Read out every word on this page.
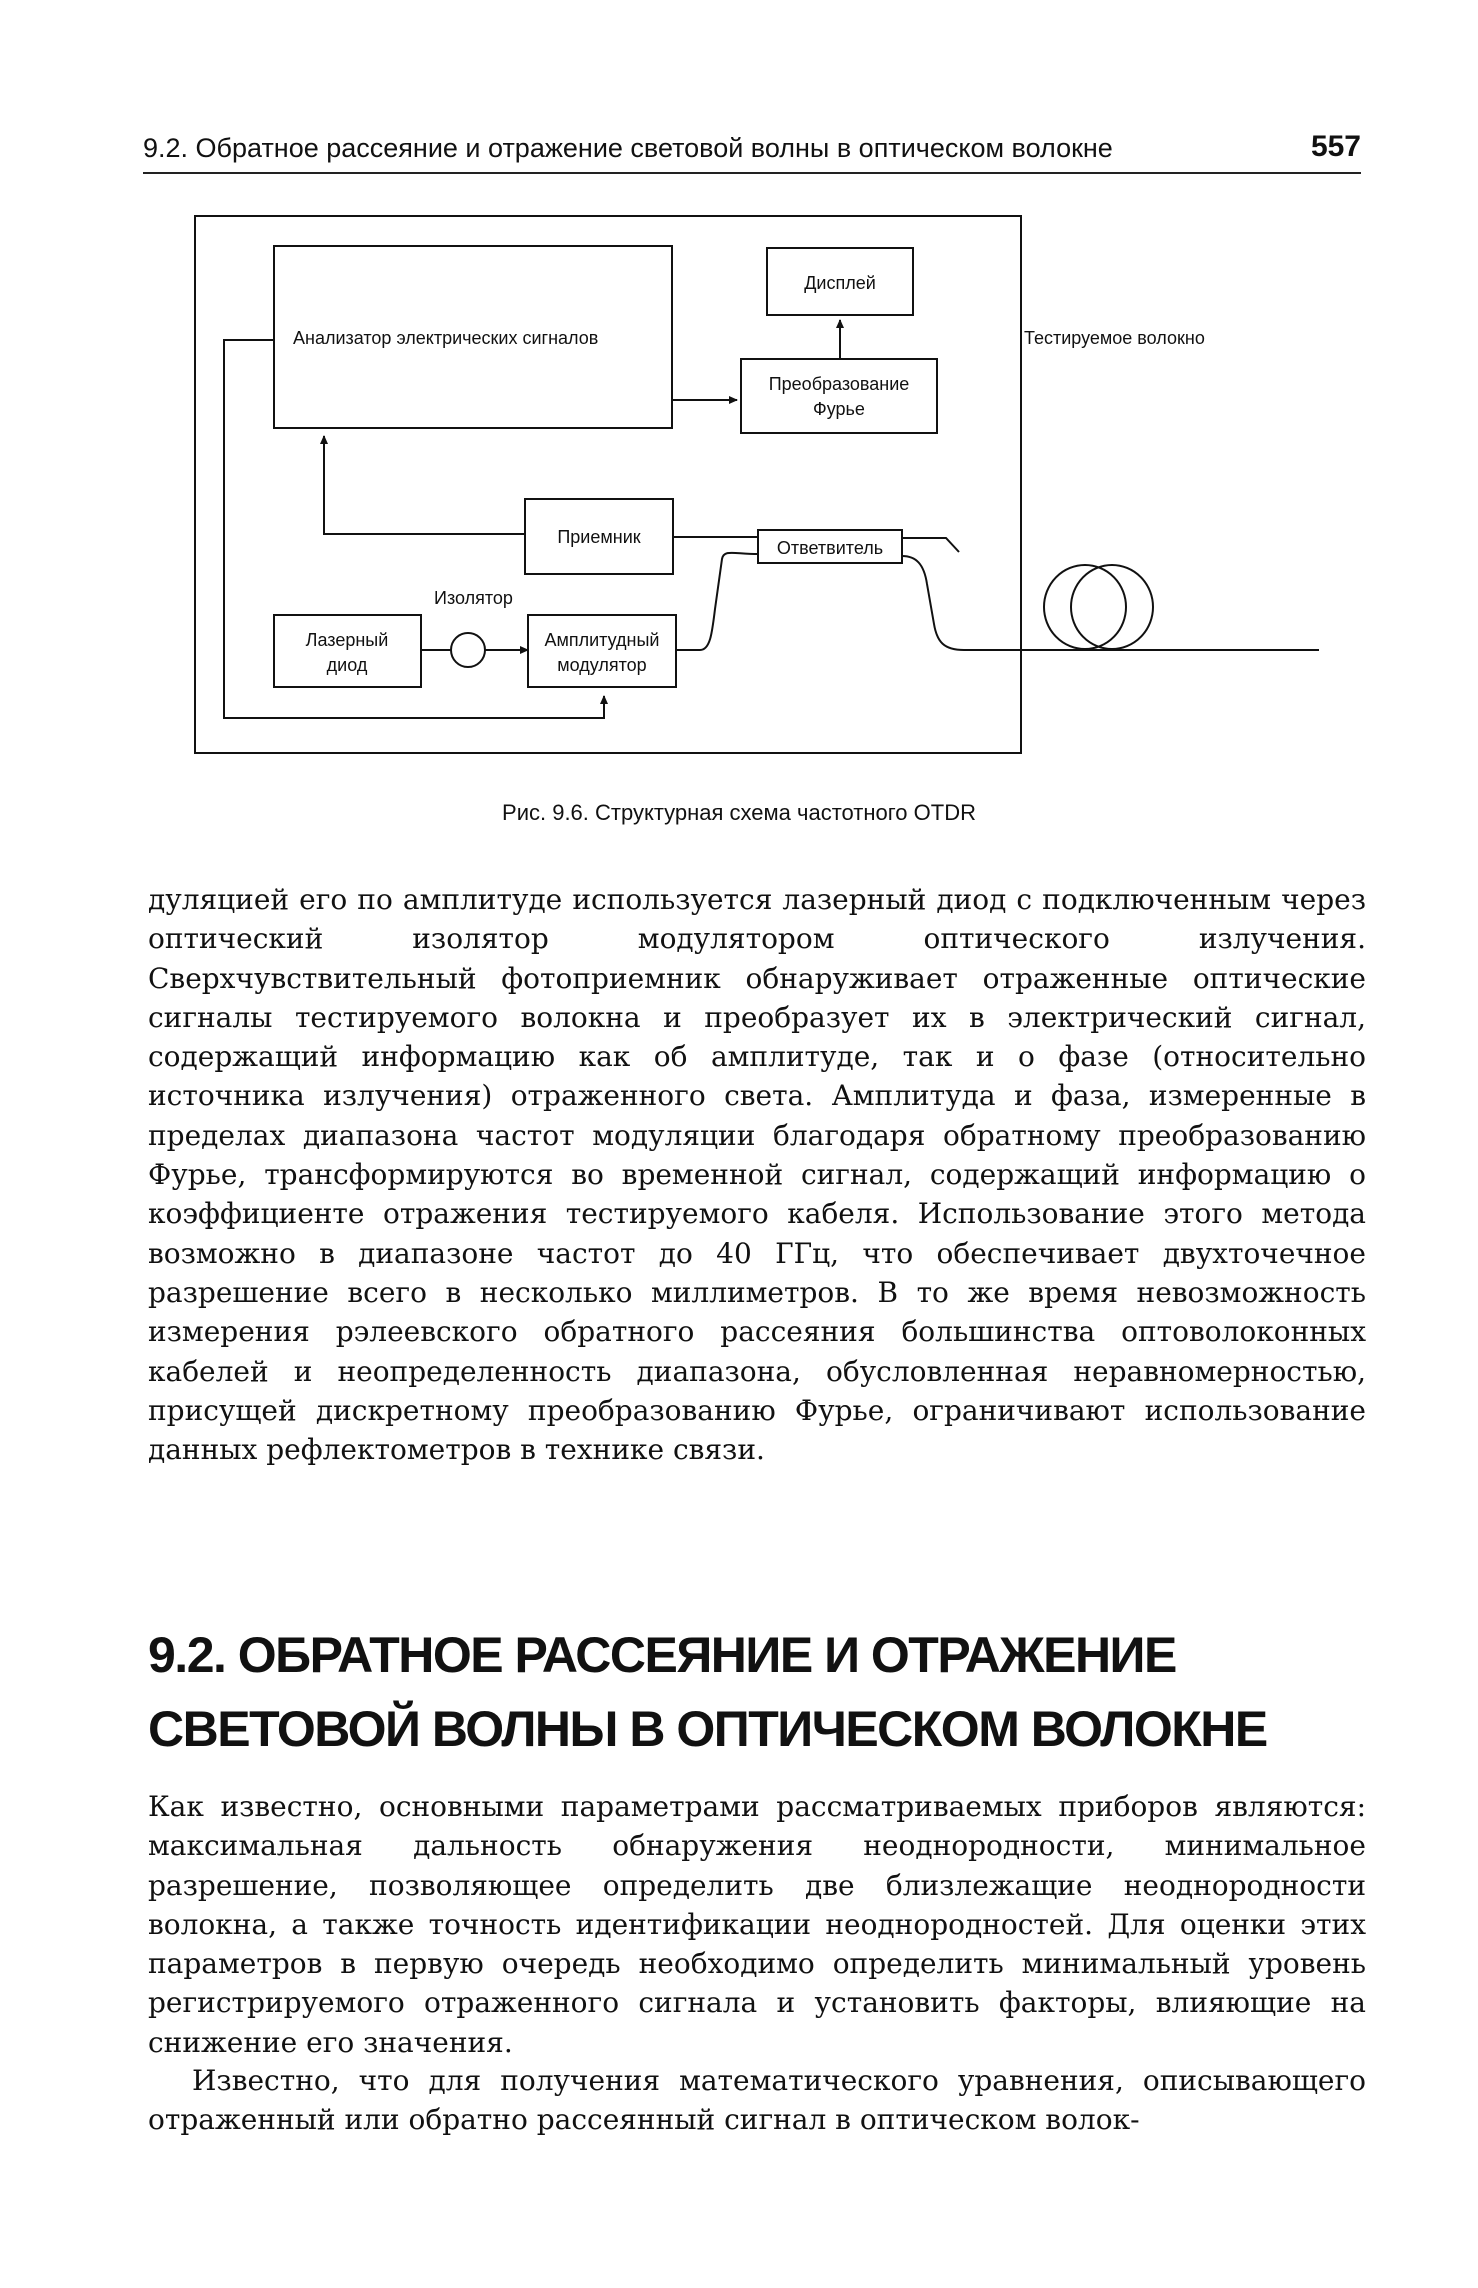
9.2. Обратное рассеяние и отражение световой волны в оптическом волокне	557
Анализатор электрических сигналов
Дисплей
Преобразование
Фурье
Приемник
Ответвитель
Лазерный
диод
Амплитудный
модулятор
Изолятор
Тестируемое волокно
Рис. 9.6. Структурная схема частотного OTDR

дуляцией его по амплитуде используется лазерный диод с подключенным через оптический изолятор модулятором оптического излучения. Сверхчувствительный фотоприемник обнаруживает отраженные оптические сигналы тестируемого волокна и преобразует их в электрический сигнал, содержащий информацию как об амплитуде, так и о фазе (относительно источника излучения) отраженного света. Амплитуда и фаза, измеренные в пределах диапазона частот модуляции благодаря обратному преобразованию Фурье, трансформируются во временной сигнал, содержащий информацию о коэффициенте отражения тестируемого кабеля. Использование этого метода возможно в диапазоне частот до 40 ГГц, что обеспечивает двухточечное разрешение всего в несколько миллиметров. В то же время невозможность измерения рэлеевского обратного рассеяния большинства оптоволоконных кабелей и неопределенность диапазона, обусловленная неравномерностью, присущей дискретному преобразованию Фурье, ограничивают использование данных рефлектометров в технике связи.

9.2. ОБРАТНОЕ РАССЕЯНИЕ И ОТРАЖЕНИЕ СВЕТОВОЙ ВОЛНЫ В ОПТИЧЕСКОМ ВОЛОКНЕ

Как известно, основными параметрами рассматриваемых приборов являются: максимальная дальность обнаружения неоднородности, минимальное разрешение, позволяющее определить две близлежащие неоднородности волокна, а также точность идентификации неоднородностей. Для оценки этих параметров в первую очередь необходимо определить минимальный уровень регистрируемого отраженного сигнала и установить факторы, влияющие на снижение его значения.

Известно, что для получения математического уравнения, описывающего отраженный или обратно рассеянный сигнал в оптическом волок-
